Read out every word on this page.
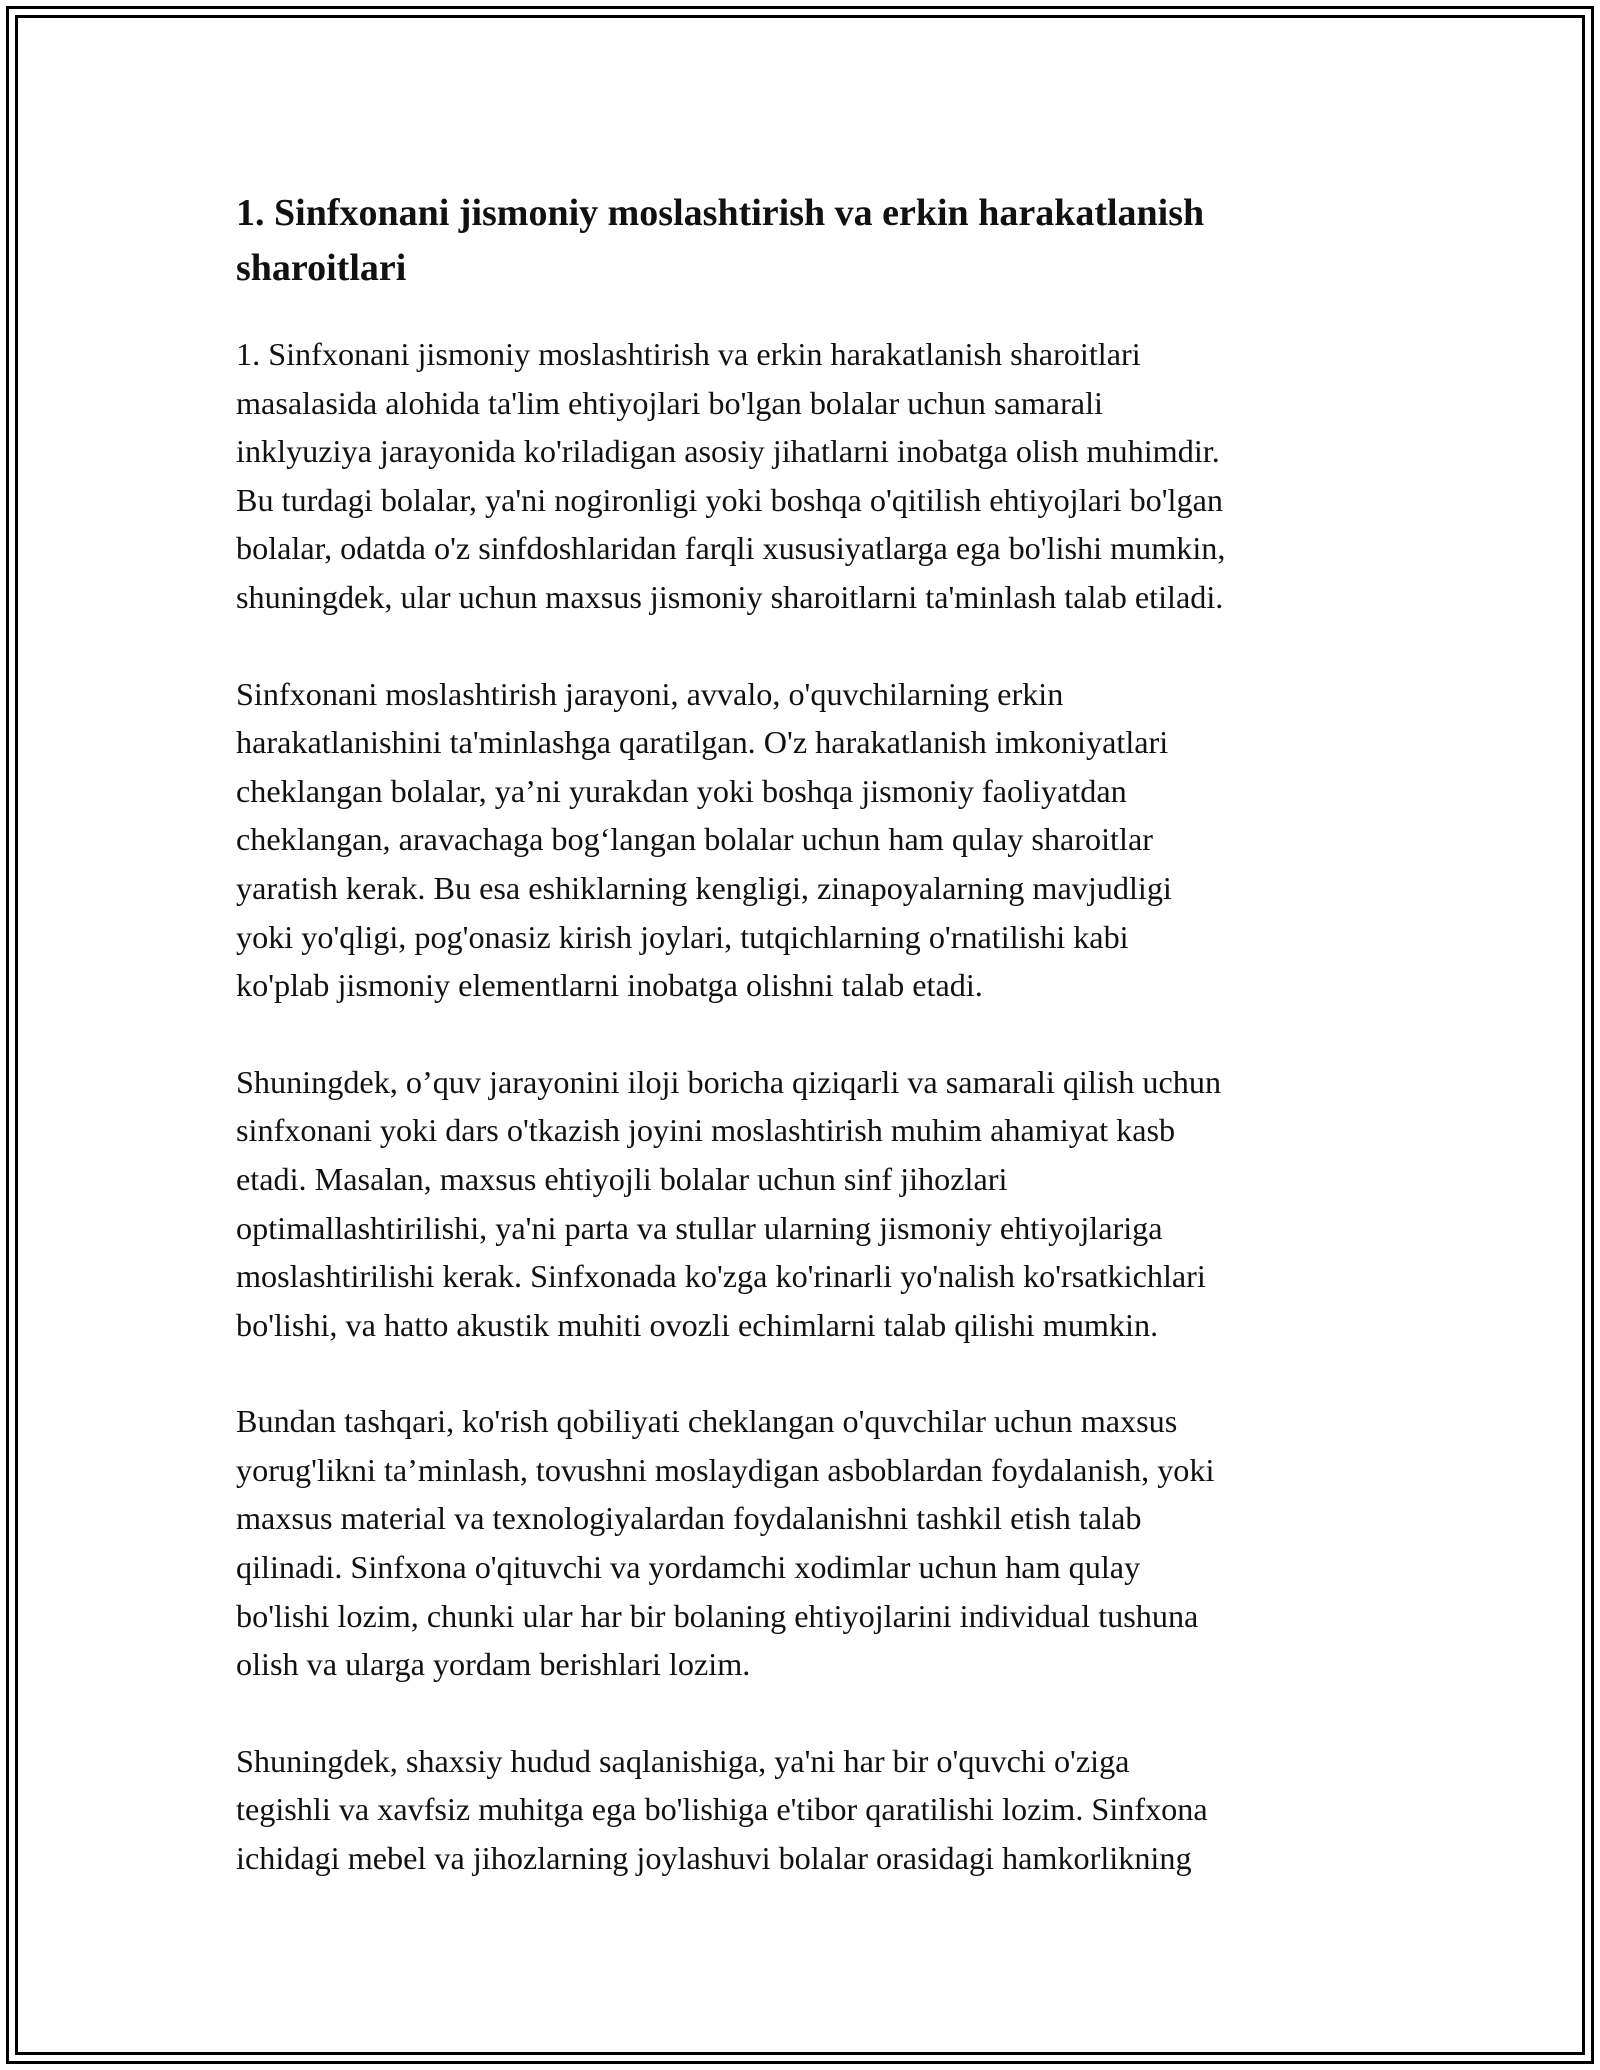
1. Sinfxonani jismoniy moslashtirish va erkin harakatlanish sharoitlari

1. Sinfxonani jismoniy moslashtirish va erkin harakatlanish sharoitlari
masalasida alohida ta'lim ehtiyojlari bo'lgan bolalar uchun samarali
inklyuziya jarayonida ko'riladigan asosiy jihatlarni inobatga olish muhimdir.
Bu turdagi bolalar, ya'ni nogironligi yoki boshqa o'qitilish ehtiyojlari bo'lgan
bolalar, odatda o'z sinfdoshlaridan farqli xususiyatlarga ega bo'lishi mumkin,
shuningdek, ular uchun maxsus jismoniy sharoitlarni ta'minlash talab etiladi.

Sinfxonani moslashtirish jarayoni, avvalo, o'quvchilarning erkin
harakatlanishini ta'minlashga qaratilgan. O'z harakatlanish imkoniyatlari
cheklangan bolalar, ya’ni yurakdan yoki boshqa jismoniy faoliyatdan
cheklangan, aravachaga bog‘langan bolalar uchun ham qulay sharoitlar
yaratish kerak. Bu esa eshiklarning kengligi, zinapoyalarning mavjudligi
yoki yo'qligi, pog'onasiz kirish joylari, tutqichlarning o'rnatilishi kabi
ko'plab jismoniy elementlarni inobatga olishni talab etadi.

Shuningdek, o’quv jarayonini iloji boricha qiziqarli va samarali qilish uchun
sinfxonani yoki dars o'tkazish joyini moslashtirish muhim ahamiyat kasb
etadi. Masalan, maxsus ehtiyojli bolalar uchun sinf jihozlari
optimallashtirilishi, ya'ni parta va stullar ularning jismoniy ehtiyojlariga
moslashtirilishi kerak. Sinfxonada ko'zga ko'rinarli yo'nalish ko'rsatkichlari
bo'lishi, va hatto akustik muhiti ovozli echimlarni talab qilishi mumkin.

Bundan tashqari, ko'rish qobiliyati cheklangan o'quvchilar uchun maxsus
yorug'likni ta’minlash, tovushni moslaydigan asboblardan foydalanish, yoki
maxsus material va texnologiyalardan foydalanishni tashkil etish talab
qilinadi. Sinfxona o'qituvchi va yordamchi xodimlar uchun ham qulay
bo'lishi lozim, chunki ular har bir bolaning ehtiyojlarini individual tushuna
olish va ularga yordam berishlari lozim.

Shuningdek, shaxsiy hudud saqlanishiga, ya'ni har bir o'quvchi o'ziga
tegishli va xavfsiz muhitga ega bo'lishiga e'tibor qaratilishi lozim. Sinfxona
ichidagi mebel va jihozlarning joylashuvi bolalar orasidagi hamkorlikning
